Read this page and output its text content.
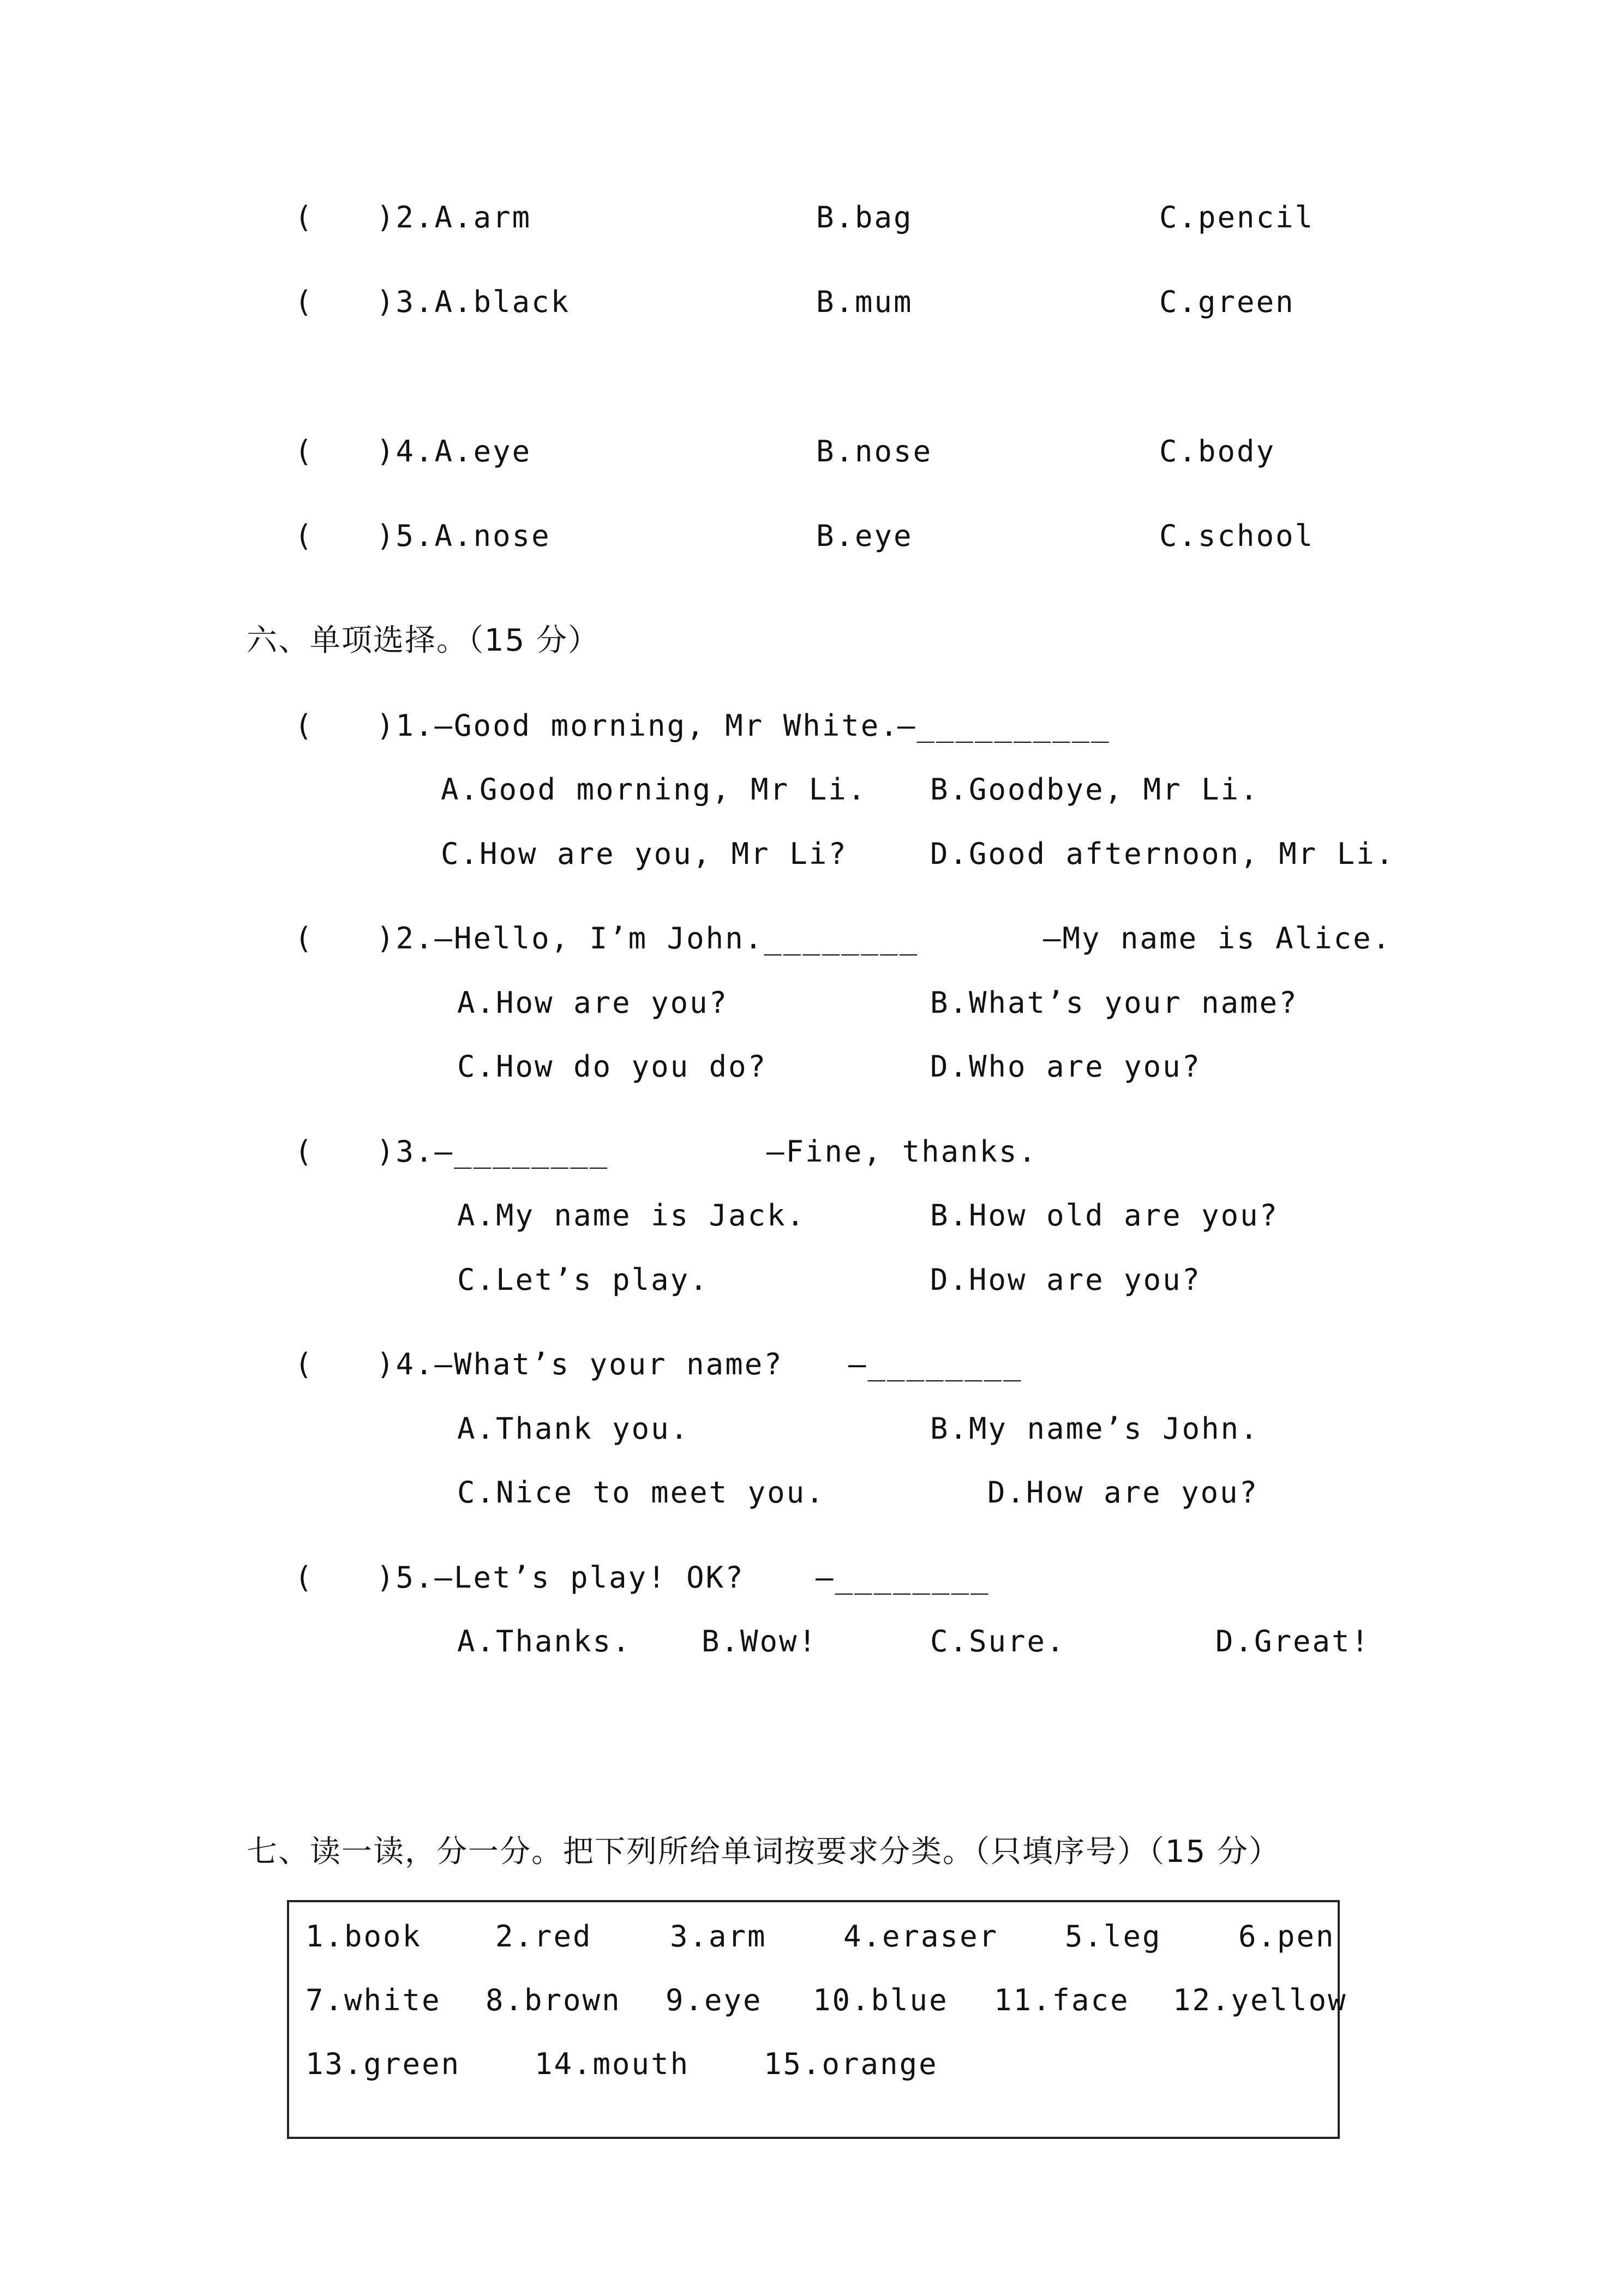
( )2.A.arm	B.bag	C.pencil
( )3.A.black	B.mum	C.green
( )4.A.eye	B.nose	C.body
( )5.A.nose	B.eye	C.school
六、单项选择。（15 分）
( )1.—Good morning, Mr White.
—__________
A.Good morning, Mr Li. B.Goodbye, Mr Li.
C.How are you, Mr Li?	D.Good afternoon, Mr Li.
( )2.—Hello, I’m John.________	—My name is Alice.
A.How are you?	B.What’s your name?
C.How do you do?	D.Who are you?
( )3.—________	—Fine, thanks.
A.My name is Jack.	B.How old are you?
C.Let’s play.	D.How are you?
( )4.—What’s your name? —________
A.Thank you.	B.My name’s John.
C.Nice to meet you.	D.How are you?
( )5.—Let’s play! OK? —________
A.Thanks. B.Wow!	C.Sure.	D.Great!
七、读一读，分一分。把下列所给单词按要求分类。（只填序号）（15 分）
1.book 2.red	3.arm	4.eraser 5.leg	6.pen
7.white 8.brown 9.eye 10.blue 11.face 12.yellow
13.green	14.mouth	15.orange
